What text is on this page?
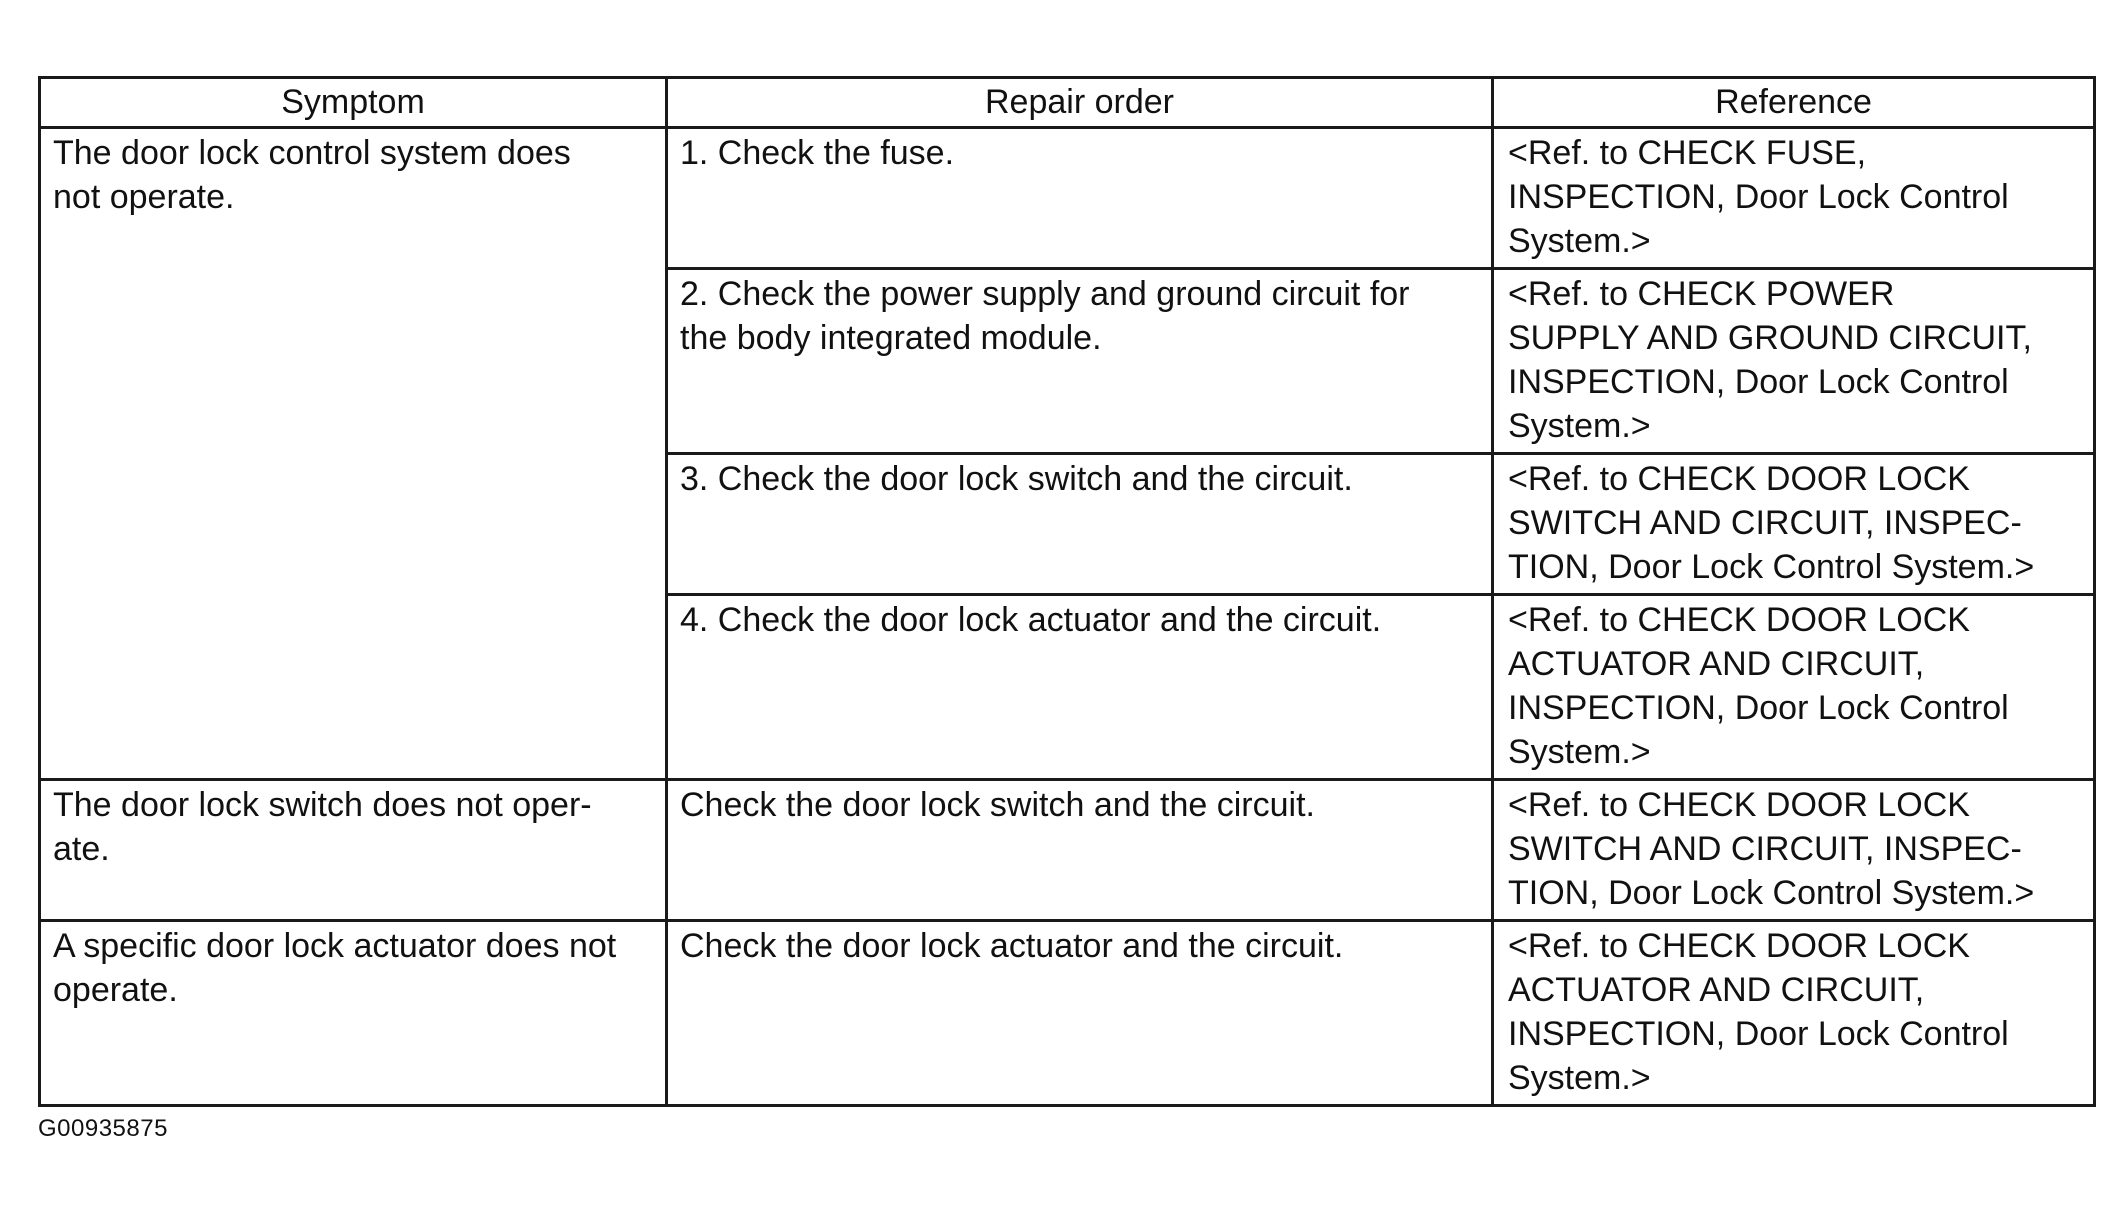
Symptom	Repair order	Reference

The door lock control system does
not operate.	1. Check the fuse.	<Ref. to CHECK FUSE,
INSPECTION, Door Lock Control
System.>

	2. Check the power supply and ground circuit for
the body integrated module.	<Ref. to CHECK POWER
SUPPLY AND GROUND CIRCUIT,
INSPECTION, Door Lock Control
System.>

	3. Check the door lock switch and the circuit.	<Ref. to CHECK DOOR LOCK
SWITCH AND CIRCUIT, INSPEC-
TION, Door Lock Control System.>

	4. Check the door lock actuator and the circuit.	<Ref. to CHECK DOOR LOCK
ACTUATOR AND CIRCUIT,
INSPECTION, Door Lock Control
System.>

The door lock switch does not oper-
ate.	Check the door lock switch and the circuit.	<Ref. to CHECK DOOR LOCK
SWITCH AND CIRCUIT, INSPEC-
TION, Door Lock Control System.>

A specific door lock actuator does not
operate.	Check the door lock actuator and the circuit.	<Ref. to CHECK DOOR LOCK
ACTUATOR AND CIRCUIT,
INSPECTION, Door Lock Control
System.>
G00935875
